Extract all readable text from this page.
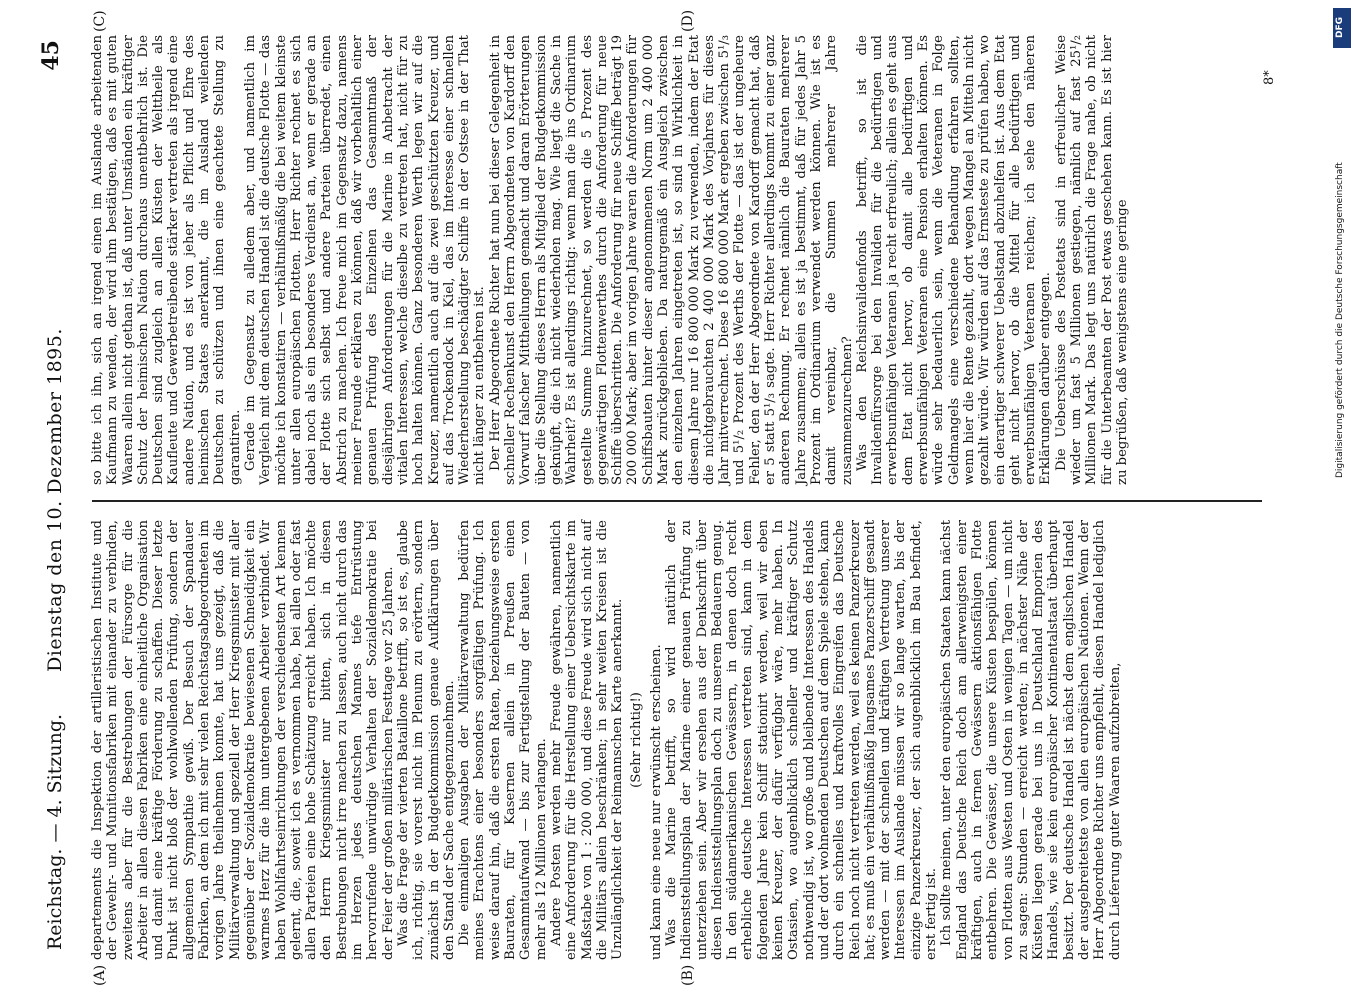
Reichstag. — 4. Sitzung.
Dienstag den 10. Dezember 1895.
45
(A)	(B)
(C)	(D)

departements die Inspektion der artilleristischen Institute und der Gewehr- und Munitionsfabriken mit einander zu verbinden, zweitens aber für die Bestrebungen der Fürsorge für die Arbeiter in allen diesen Fabriken eine einheitliche Organisation und damit eine kräftige Förderung zu schaffen. Dieser letzte Punkt ist nicht bloß der wohlwollenden Prüfung, sondern der allgemeinen Sympathie gewiß. Der Besuch der Spandauer Fabriken, an dem ich mit sehr vielen Reichstagsabgeordneten im vorigen Jahre theilnehmen konnte, hat uns gezeigt, daß die Militärverwaltung und speziell der Herr Kriegsminister mit aller gegenüber der Sozialdemokratie bewiesenen Schneidigkeit ein warmes Herz für die ihm untergebenen Arbeiter verbindet. Wir haben Wohlfahrtseinrichtungen der verschiedensten Art kennen gelernt, die, soweit ich es vernommen habe, bei allen oder fast allen Parteien eine hohe Schätzung erreicht haben. Ich möchte den Herrn Kriegsminister nur bitten, sich in diesen Bestrebungen nicht irre machen zu lassen, auch nicht durch das im Herzen jedes deutschen Mannes tiefe Entrüstung hervorrufende unwürdige Verhalten der Sozialdemokratie bei der Feier der großen militärischen Festtage vor 25 Jahren. Was die Frage der vierten Bataillone betrifft, so ist es, glaube ich, richtig, sie vorerst nicht im Plenum zu erörtern, sondern zunächst in der Budgetkommission genaue Aufklärungen über den Stand der Sache entgegenzunehmen. Die einmaligen Ausgaben der Militärverwaltung bedürfen meines Erachtens einer besonders sorgfältigen Prüfung. Ich weise darauf hin, daß die ersten Raten, beziehungsweise ersten Bauraten, für Kasernen allein in Preußen einen Gesammtaufwand — bis zur Fertigstellung der Bauten — von mehr als 12 Millionen verlangen. Andere Posten werden mehr Freude gewähren, namentlich eine Anforderung für die Herstellung einer Uebersichtskarte im Maßstabe von 1 : 200 000, und diese Freude wird sich nicht auf die Militärs allein beschränken; in sehr weiten Kreisen ist die Unzulänglichkeit der Reimannschen Karte anerkannt. (Sehr richtig!) und kann eine neue nur erwünscht erscheinen. Was die Marine betrifft, so wird natürlich der Indienststellungsplan der Marine einer genauen Prüfung zu unterziehen sein. Aber wir ersehen aus der Denkschrift über diesen Indienststellungsplan doch zu unserem Bedauern genug. In den südamerikanischen Gewässern, in denen doch recht erhebliche deutsche Interessen vertreten sind, kann in dem folgenden Jahre kein Schiff stationirt werden, weil wir eben keinen Kreuzer, der dafür verfügbar wäre, mehr haben. In Ostasien, wo augenblicklich schneller und kräftiger Schutz nothwendig ist, wo große und bleibende Interessen des Handels und der dort wohnenden Deutschen auf dem Spiele stehen, kann durch ein schnelles und kraftvolles Eingreifen das Deutsche Reich noch nicht vertreten werden, weil es keinen Panzerkreuzer hat; es muß ein verhältnißmäßig langsames Panzerschiff gesandt werden — mit der schnellen und kräftigen Vertretung unserer Interessen im Auslande müssen wir so lange warten, bis der einzige Panzerkreuzer, der sich augenblicklich im Bau befindet, erst fertig ist. Ich sollte meinen, unter den europäischen Staaten kann nächst England das Deutsche Reich doch am allerwenigsten einer kräftigen, auch in fernen Gewässern aktionsfähigen Flotte entbehren. Die Gewässer, die unsere Küsten bespülen, können von Flotten aus Westen und Osten in wenigen Tagen — um nicht zu sagen: Stunden — erreicht werden; in nächster Nähe der Küsten liegen gerade bei uns in Deutschland Emporien des Handels, wie sie kein europäischer Kontinentalstaat überhaupt besitzt. Der deutsche Handel ist nächst dem englischen Handel der ausgebreitetste von allen europäischen Nationen. Wenn der Herr Abgeordnete Richter uns empfiehlt, diesen Handel lediglich durch Lieferung guter Waaren aufzubreiten,

so bitte ich ihn, sich an irgend einen im Auslande arbeitenden Kaufmann zu wenden, der wird ihm bestätigen, daß es mit guten Waaren allein nicht gethan ist, daß unter Umständen ein kräftiger Schutz der heimischen Nation durchaus unentbehrlich ist. Die Deutschen sind zugleich an allen Küsten der Welttheile als Kaufleute und Gewerbetreibende stärker vertreten als irgend eine andere Nation, und es ist von jeher als Pflicht und Ehre des heimischen Staates anerkannt, die im Ausland weilenden Deutschen zu schützen und ihnen eine geachtete Stellung zu garantiren. Gerade im Gegensatz zu alledem aber, und namentlich im Vergleich mit dem deutschen Handel ist die deutsche Flotte — das möchte ich konstatiren — verhältnißmäßig die bei weitem kleinste unter allen europäischen Flotten. Herr Richter rechnet es sich dabei noch als ein besonderes Verdienst an, wenn er gerade an der Flotte sich selbst und andere Parteien überredet, einen Abstrich zu machen. Ich freue mich im Gegensatz dazu, namens meiner Freunde erklären zu können, daß wir vorbehaltlich einer genauen Prüfung des Einzelnen das Gesammtmaß der diesjährigen Anforderungen für die Marine in Anbetracht der vitalen Interessen, welche dieselbe zu vertreten hat, nicht für zu hoch halten können. Ganz besonderen Werth legen wir auf die Kreuzer, namentlich auch auf die zwei geschützten Kreuzer, und auf das Trockendock in Kiel, das im Interesse einer schnellen Wiederherstellung beschädigter Schiffe in der Ostsee in der That nicht länger zu entbehren ist. Der Herr Abgeordnete Richter hat nun bei dieser Gelegenheit in schneller Rechenkunst den Herrn Abgeordneten von Kardorff den Vorwurf falscher Mittheilungen gemacht und daran Erörterungen über die Stellung dieses Herrn als Mitglied der Budgetkommission geknüpft, die ich nicht wiederholen mag. Wie liegt die Sache in Wahrheit? Es ist allerdings richtig: wenn man die ins Ordinarium gestellte Summe hinzurechnet, so werden die 5 Prozent des gegenwärtigen Flottenwerthes durch die Anforderung für neue Schiffe überschritten. Die Anforderung für neue Schiffe beträgt 19 200 000 Mark; aber im vorigen Jahre waren die Anforderungen für Schiffsbauten hinter dieser angenommenen Norm um 2 400 000 Mark zurückgeblieben. Da naturgemäß ein Ausgleich zwischen den einzelnen Jahren eingetreten ist, so sind in Wirklichkeit in diesem Jahre nur 16 800 000 Mark zu verwenden, indem der Etat die nichtgebrauchten 2 400 000 Mark des Vorjahres für dieses Jahr mitverrechnet. Diese 16 800 000 Mark ergeben zwischen 5¹/₃ und 5¹/₂ Prozent des Werths der Flotte — das ist der ungeheure Fehler, den der Herr Abgeordnete von Kardorff gemacht hat, daß er 5 statt 5¹/₃ sagte. Herr Richter allerdings kommt zu einer ganz anderen Rechnung. Er rechnet nämlich die Bauraten mehrerer Jahre zusammen; allein es ist ja bestimmt, daß für jedes Jahr 5 Prozent im Ordinarium verwendet werden können. Wie ist es damit vereinbar, die Summen mehrerer Jahre zusammenzurechnen? Was den Reichsinvalidenfonds betrifft, so ist die Invalidenfürsorge bei den Invaliden für die bedürftigen und erwerbsunfähigen Veteranen ja recht erfreulich; allein es geht aus dem Etat nicht hervor, ob damit alle bedürftigen und erwerbsunfähigen Veteranen eine Pension erhalten können. Es würde sehr bedauerlich sein, wenn die Veteranen in Folge Geldmangels eine verschiedene Behandlung erfahren sollten, wenn hier die Rente gezahlt, dort wegen Mangel an Mitteln nicht gezahlt würde. Wir würden auf das Ernsteste zu prüfen haben, wo ein derartiger schwerer Uebelstand abzuhelfen ist. Aus dem Etat geht nicht hervor, ob die Mittel für alle bedürftigen und erwerbsunfähigen Veteranen reichen; ich sehe den näheren Erklärungen darüber entgegen. Die Ueberschüsse des Postetats sind in erfreulicher Weise wieder um fast 5 Millionen gestiegen, nämlich auf fast 25¹/₂ Millionen Mark. Das legt uns natürlich die Frage nahe, ob nicht für die Unterbeamten der Post etwas geschehen kann. Es ist hier zu begrüßen, daß wenigstens eine geringe

8*
DFG
Digitalisierung gefördert durch die Deutsche Forschungsgemeinschaft
